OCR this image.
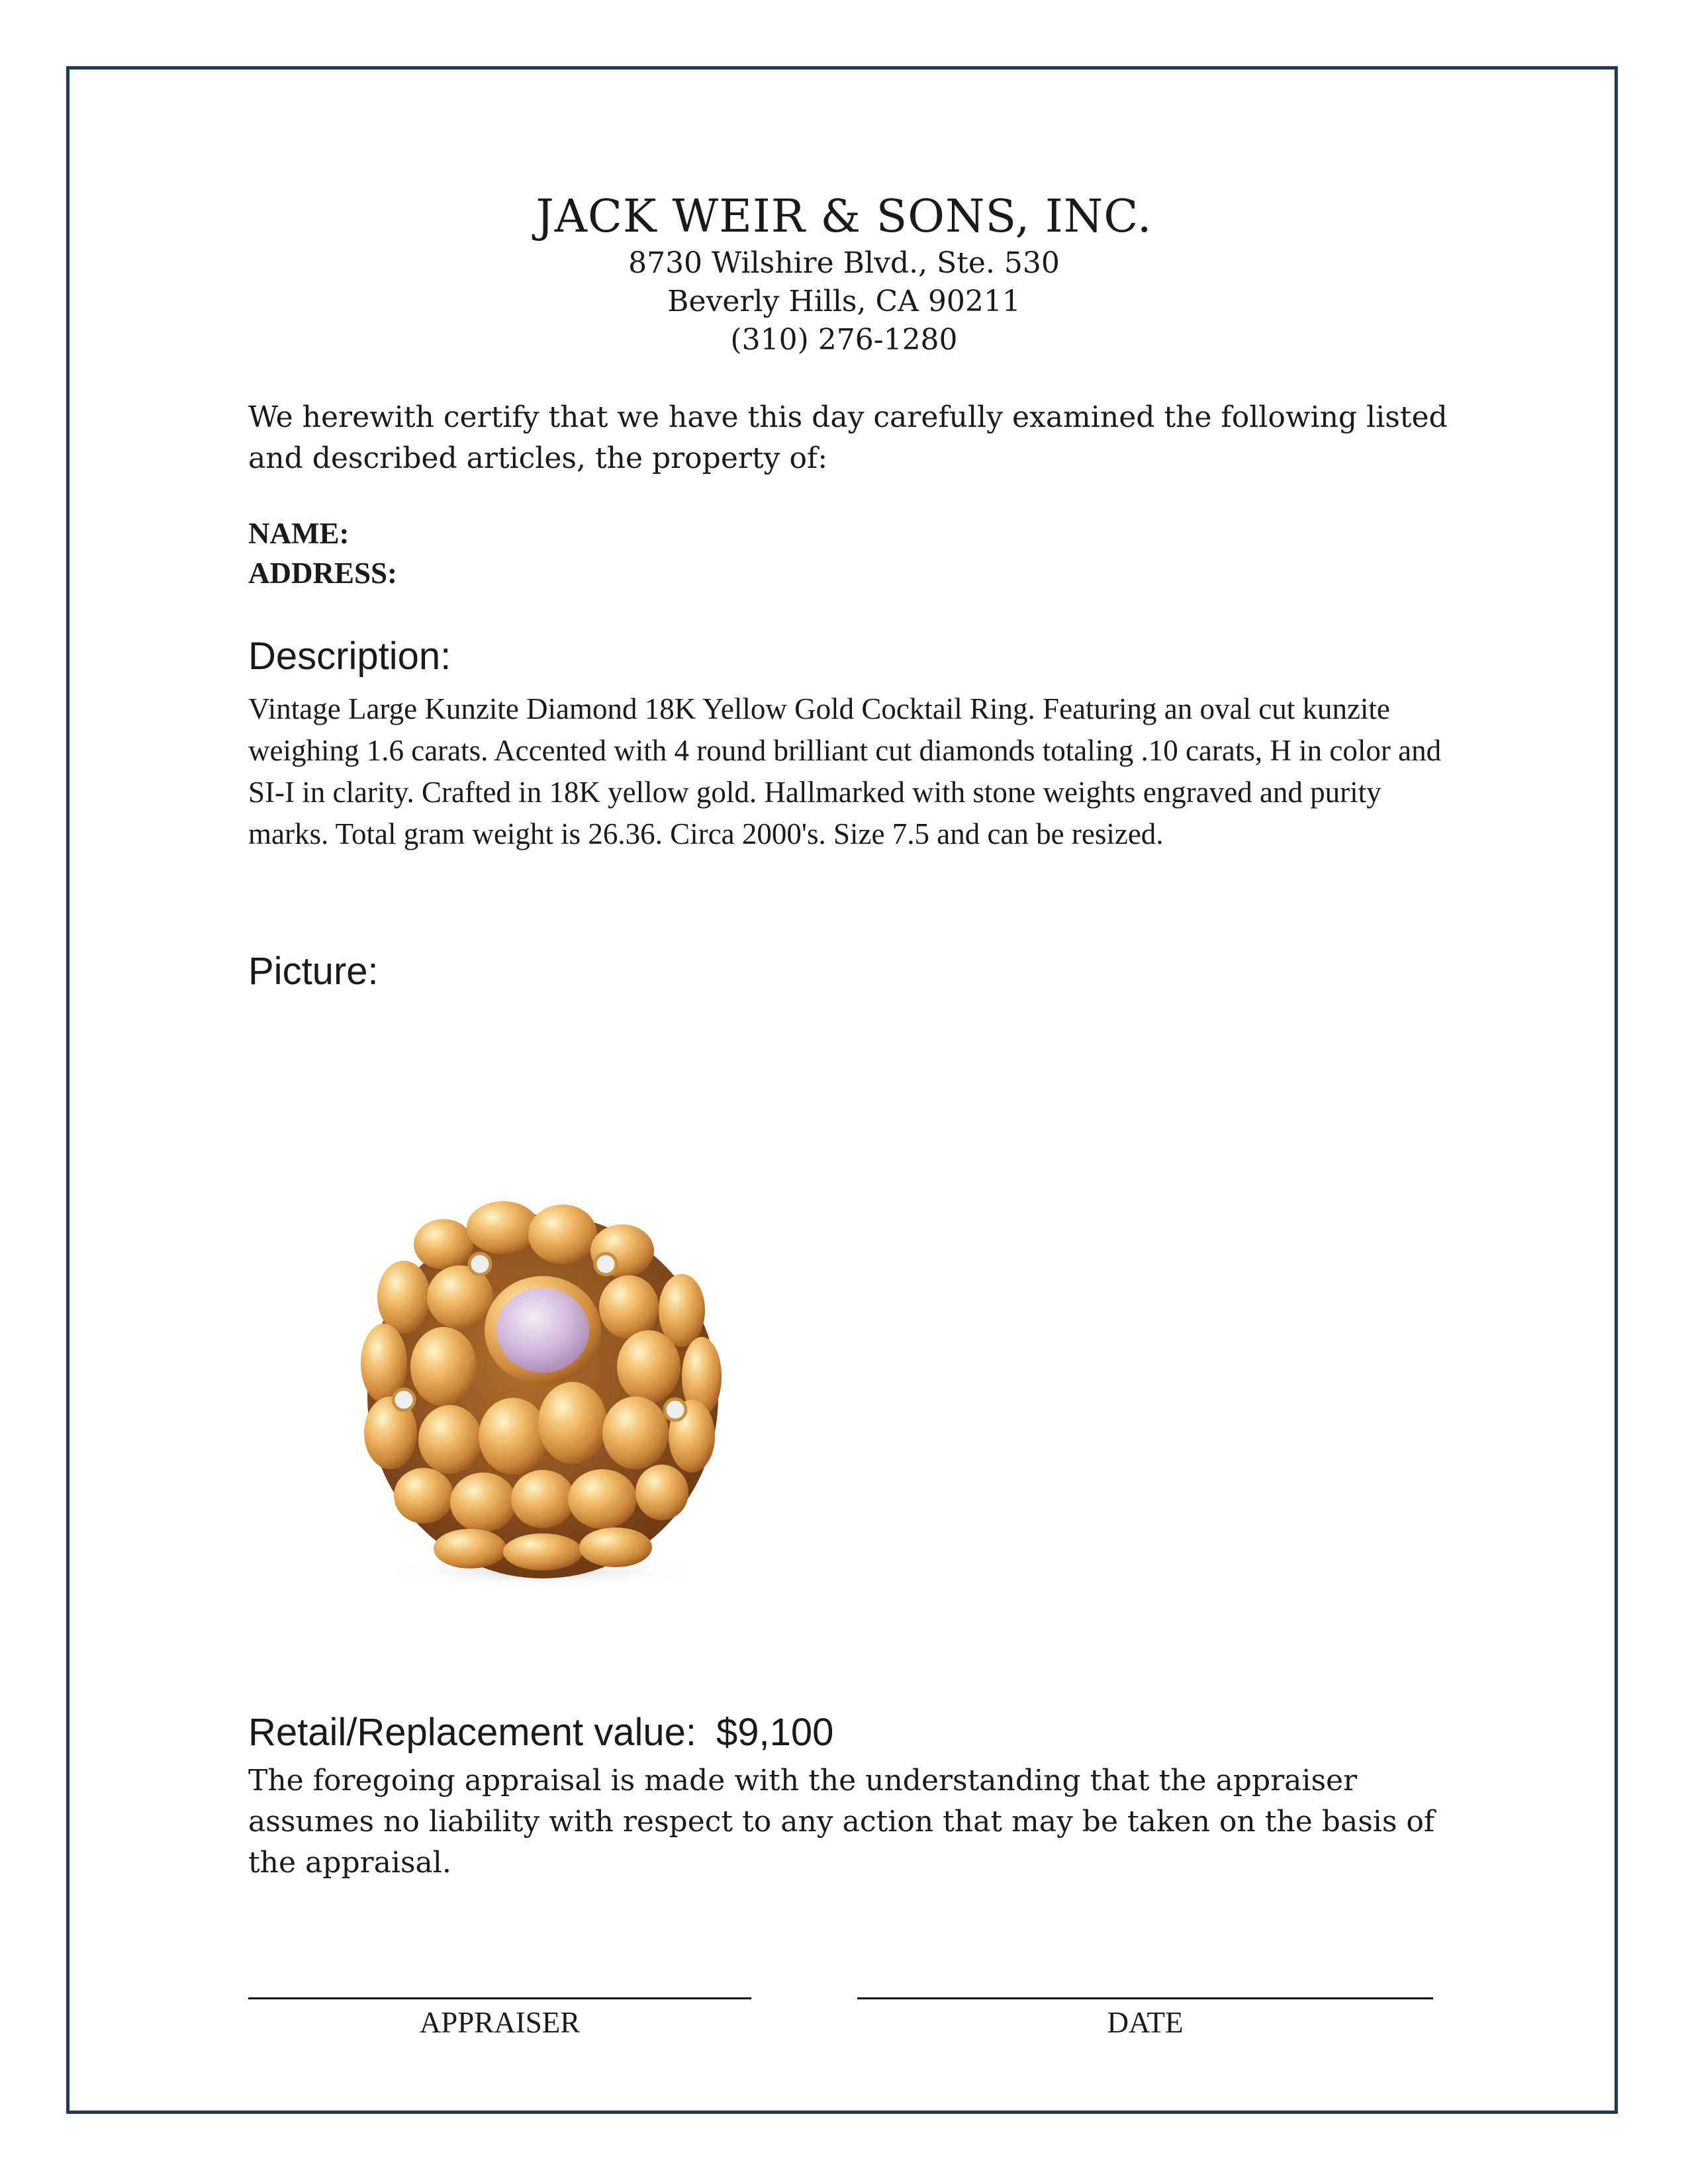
JACK WEIR & SONS, INC.
8730 Wilshire Blvd., Ste. 530
Beverly Hills, CA 90211
(310) 276-1280
We herewith certify that we have this day carefully examined the following listed and described articles, the property of:
NAME:
ADDRESS:
Description:
Vintage Large Kunzite Diamond 18K Yellow Gold Cocktail Ring. Featuring an oval cut kunzite weighing 1.6 carats. Accented with 4 round brilliant cut diamonds totaling .10 carats, H in color and SI-I in clarity. Crafted in 18K yellow gold. Hallmarked with stone weights engraved and purity marks. Total gram weight is 26.36. Circa 2000's. Size 7.5 and can be resized.
Picture:
Retail/Replacement value: $9,100
The foregoing appraisal is made with the understanding that the appraiser assumes no liability with respect to any action that may be taken on the basis of the appraisal.
APPRAISER	DATE
